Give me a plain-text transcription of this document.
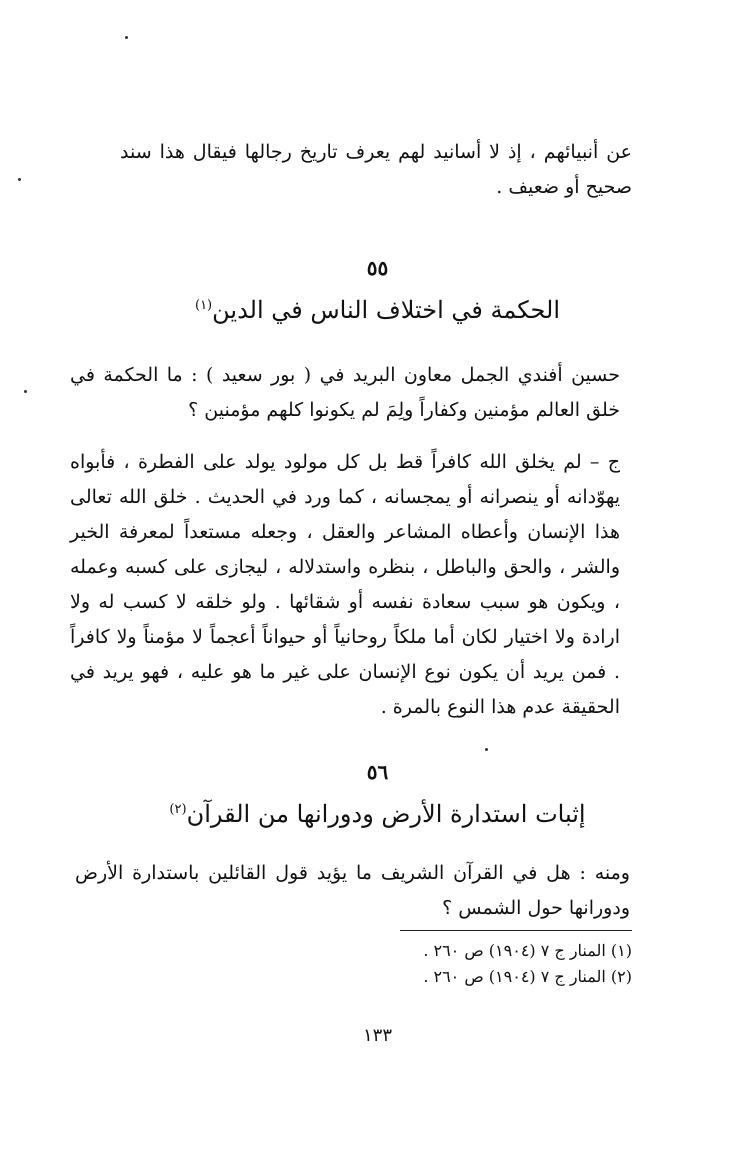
عن أنبيائهم ، إذ لا أسانيد لهم يعرف تاريخ رجالها فيقال هذا سند

صحيح أو ضعيف .

٥٥
الحكمة في اختلاف الناس في الدين$^{(١)}$

حسين أفندي الجمل معاون البريد في ( بور سعيد ) : ما الحكمة في خلق العالم مؤمنين وكفاراً ولِمَ لم يكونوا كلهم مؤمنين ؟

ج – لم يخلق الله كافراً قط بل كل مولود يولد على الفطرة ، فأبواه يهوّدانه أو ينصرانه أو يمجسانه ، كما ورد في الحديث . خلق الله تعالى هذا الإنسان وأعطاه المشاعر والعقل ، وجعله مستعداً لمعرفة الخير والشر ، والحق والباطل ، بنظره واستدلاله ، ليجازى على كسبه وعمله ، ويكون هو سبب سعادة نفسه أو شقائها . ولو خلقه لا كسب له ولا ارادة ولا اختيار لكان أما ملكاً روحانياً أو حيواناً أعجماً لا مؤمناً ولا كافراً . فمن يريد أن يكون نوع الإنسان على غير ما هو عليه ، فهو يريد في الحقيقة عدم هذا النوع بالمرة .

٥٦
إثبات استدارة الأرض ودورانها من القرآن$^{(٢)}$

ومنه : هل في القرآن الشريف ما يؤيد قول القائلين باستدارة الأرض ودورانها حول الشمس ؟

(١) المنار ج ٧ (١٩٠٤) ص ٢٦٠ .
(٢) المنار ج ٧ (١٩٠٤) ص ٢٦٠ .
١٣٣
